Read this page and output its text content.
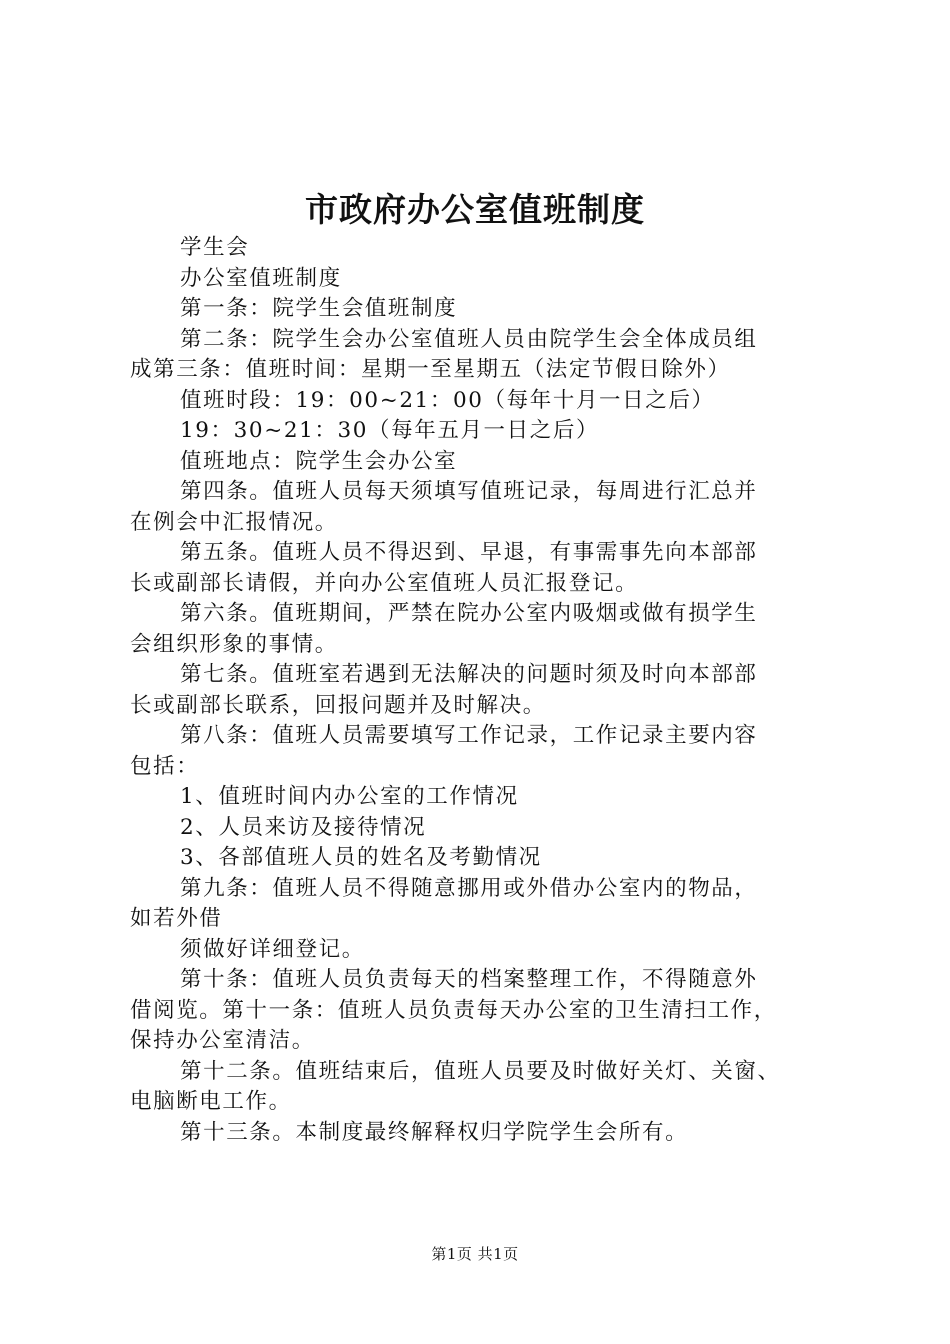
市政府办公室值班制度
学生会
办公室值班制度
第一条：院学生会值班制度
第二条：院学生会办公室值班人员由院学生会全体成员组
成第三条：值班时间：星期一至星期五（法定节假日除外）
值班时段：19：00~21：00（每年十月一日之后）
19：30~21：30（每年五月一日之后）
值班地点：院学生会办公室
第四条。值班人员每天须填写值班记录，每周进行汇总并
在例会中汇报情况。
第五条。值班人员不得迟到、早退，有事需事先向本部部
长或副部长请假，并向办公室值班人员汇报登记。
第六条。值班期间，严禁在院办公室内吸烟或做有损学生
会组织形象的事情。
第七条。值班室若遇到无法解决的问题时须及时向本部部
长或副部长联系，回报问题并及时解决。
第八条：值班人员需要填写工作记录，工作记录主要内容
包括：
1、值班时间内办公室的工作情况
2、人员来访及接待情况
3、各部值班人员的姓名及考勤情况
第九条：值班人员不得随意挪用或外借办公室内的物品，
如若外借
须做好详细登记。
第十条：值班人员负责每天的档案整理工作，不得随意外
借阅览。第十一条：值班人员负责每天办公室的卫生清扫工作，
保持办公室清洁。
第十二条。值班结束后，值班人员要及时做好关灯、关窗、
电脑断电工作。
第十三条。本制度最终解释权归学院学生会所有。
第1页 共1页
